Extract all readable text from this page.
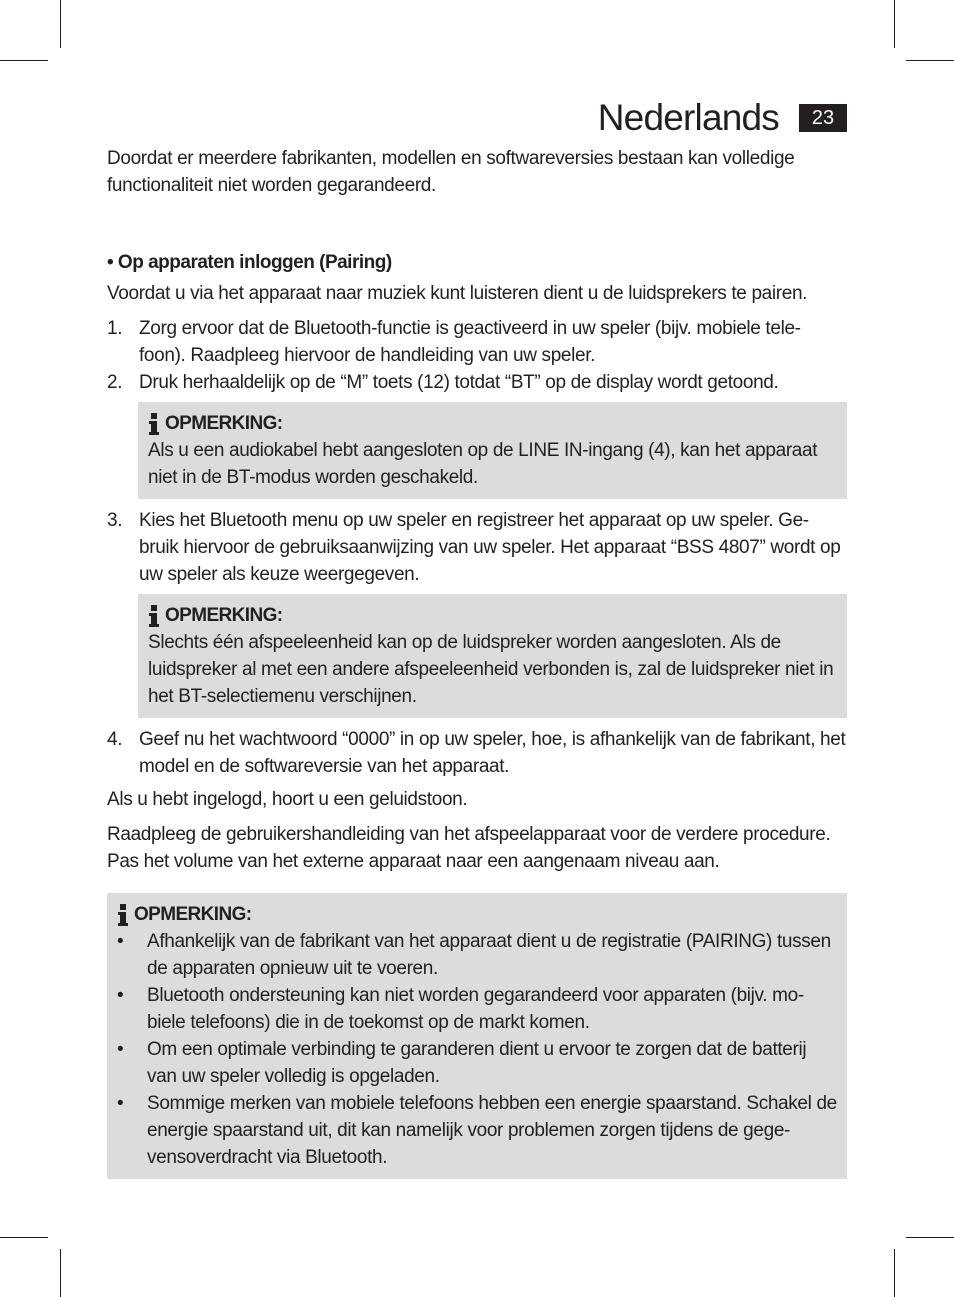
Nederlands	23

Doordat er meerdere fabrikanten, modellen en softwareversies bestaan kan volledige functionaliteit niet worden gegarandeerd.

• Op apparaten inloggen (Pairing)

Voordat u via het apparaat naar muziek kunt luisteren dient u de luidsprekers te pairen.

1. Zorg ervoor dat de Bluetooth-functie is geactiveerd in uw speler (bijv. mobiele tele-foon). Raadpleeg hiervoor de handleiding van uw speler.
2. Druk herhaaldelijk op de “M” toets (12) totdat “BT” op de display wordt getoond.
OPMERKING:

Als u een audiokabel hebt aangesloten op de LINE IN-ingang (4), kan het apparaat niet in de BT-modus worden geschakeld.

3. Kies het Bluetooth menu op uw speler en registreer het apparaat op uw speler. Ge-bruik hiervoor de gebruiksaanwijzing van uw speler. Het apparaat “BSS 4807” wordt op uw speler als keuze weergegeven.
OPMERKING:

Slechts één afspeeleenheid kan op de luidspreker worden aangesloten. Als de luidspreker al met een andere afspeeleenheid verbonden is, zal de luidspreker niet in het BT-selectiemenu verschijnen.

4. Geef nu het wachtwoord “0000” in op uw speler, hoe, is afhankelijk van de fabrikant, het model en de softwareversie van het apparaat.

Als u hebt ingelogd, hoort u een geluidstoon.

Raadpleeg de gebruikershandleiding van het afspeelapparaat voor de verdere procedure. Pas het volume van het externe apparaat naar een aangenaam niveau aan.

OPMERKING:
•	Afhankelijk van de fabrikant van het apparaat dient u de registratie (PAIRING) tussen de apparaten opnieuw uit te voeren.
•	Bluetooth ondersteuning kan niet worden gegarandeerd voor apparaten (bijv. mo-biele telefoons) die in de toekomst op de markt komen.
•	Om een optimale verbinding te garanderen dient u ervoor te zorgen dat de batterij van uw speler volledig is opgeladen.
•	Sommige merken van mobiele telefoons hebben een energie spaarstand. Schakel de energie spaarstand uit, dit kan namelijk voor problemen zorgen tijdens de gege-vensoverdracht via Bluetooth.
